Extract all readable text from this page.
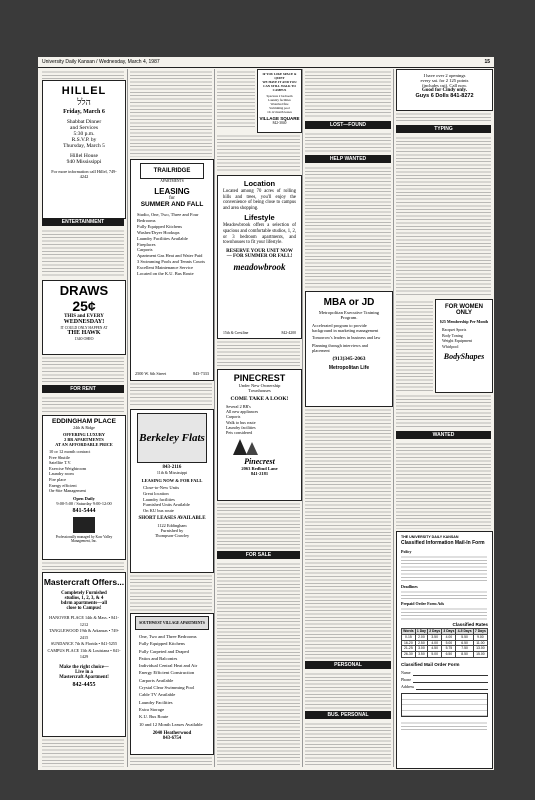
University Daily Kansan / Wednesday, March 4, 1987	15
HILLEL
הלל
Friday, March 6
Shabbat Dinner
and Services
5:30 p.m.
R.S.V.P. by
Thursday, March 5
Hillel House
940 Mississippi
For more information call Hillel, 749-4242
ENTERTAINMENT
DRAWS
25¢
THIS and EVERY
WEDNESDAY!
IT COULD ONLY HAPPEN AT
THE HAWK
1340 OHIO
FOR RENT
EDDINGHAM PLACE
24th & Ridge
OFFERING LUXURY
2 BR APARTMENTS
AT AN AFFORDABLE PRICE
10 or 12 month contract
Free Shuttle
Satellite T.V.
Exercise Weightroom
Laundry room
Fire place
Energy efficient
On-Site Management
Open Daily
9:00-5:00 / Saturday 9:00-12:00
841-5444
Professionally managed by Kaw Valley Management, Inc.
Mastercraft Offers...
Completely Furnished
studios, 1, 2, 3, & 4
bdrm apartments—all
close to Campus!
HANOVER PLACE 14th & Mass. • 841-1212
TANGLEWOOD 19th & Arkansas • 749-2415
SUNDANCE 7th & Florida • 841-5255
CAMPUS PLACE 11th & Louisiana • 841-1429
Make the right choice—
Live in a
Mastercraft Apartment!
842-4455
TRAILRIDGE
APARTMENTS
LEASING
for
SUMMER AND FALL
Studio, One, Two, Three and Four Bedrooms
Fully Equipped Kitchens
Washer/Dryer Hookups
Laundry Facilities Available
Fireplaces
Carports
Apartment Gas Heat and Water Paid
3 Swimming Pools and Tennis Courts
Excellent Maintenance Service
Located on the K.U. Bus Route
2500 W. 6th Street	843-7333
Berkeley Flats
843-2116
11th & Mississippi
LEASING NOW & FOR FALL
Close-to-New Units
Great location
Laundry facilities
Furnished Units Available
On KU bus route
SHORT LEASES AVAILABLE
1122 Eddingham
Furnished by
Thompson-Crawley
SOUTHWEST VILLAGE APARTMENTS
One, Two and Three Bedrooms
Fully Equipped Kitchens
Fully Carpeted and Draped
Patios and Balconies
Individual Central Heat and Air
Energy Efficient Construction
Carports Available
Crystal Clear Swimming Pool
Cable TV Available
Laundry Facilities
Extra Storage
K.U. Bus Route
10 and 12 Month Leases Available
2040 Heatherwood
843-6754
IF YOU LIKE SPACE & QUIET
WE HAVE IT AND YOU
CAN STILL WALK TO CAMPUS
Spacious 2 bedroom
Laundry facilities
Waterbed fine
Swimming pool
10-12 month leases
VILLAGE SQUARE
842-3040
Location
Located among 70 acres of rolling hills and trees, you'll enjoy the convenience of being close to campus and area shopping.
Lifestyle
Meadowbrook offers a selection of spacious and comfortable studios, 1, 2, or 3 bedroom apartments, and townhouses to fit your lifestyle.
RESERVE YOUR UNIT NOW— FOR SUMMER OR FALL!
meadowbrook
15th & Crestline	842-4200
PINECREST
Under New Ownership
Townhouses
COME TAKE A LOOK!
Several 2 BR's
All new appliances
Carports
Walk to bus route
Laundry facilities
Pets considered
Pinecrest
2063 Redbud Lane
841-2181
FOR SALE
LOST—FOUND
HELP WANTED
MBA or JD
Metropolitan Executive Training Program.
Accelerated program to provide background in marketing management
Tomorrow's leaders in business and law
Planning through interviews and placement
(913)345-2063
Metropolitan Life
PERSONAL
BUS. PERSONAL
I have over 2 openings
every sat. for 2 125 points
(includes cut). Call now.
Good for Cindy only.
Guys 6 Dolls 841-8272
TYPING
FOR WOMEN ONLY
$25 Membership Per Month
Racquet Sports
Body Toning
Weight Equipment
Whirlpool
BodyShapes
WANTED
THE UNIVERSITY DAILY KANSAN
Classified Information Mail-In Form
Policy
Deadlines
Prepaid Order Form Ads
Classified Rates
Words	1 Day	2 Days	3 Days	4-5 Days	7 Days
0-15	2.00	3.50	4.00	5.50	9.00
16-20	2.50	4.00	5.00	6.50	11.00
21-25	3.00	4.50	5.75	7.50	13.00
26-30	3.50	5.00	6.50	8.50	15.00
Classified Mail Order Form
Name
Phone
Address
